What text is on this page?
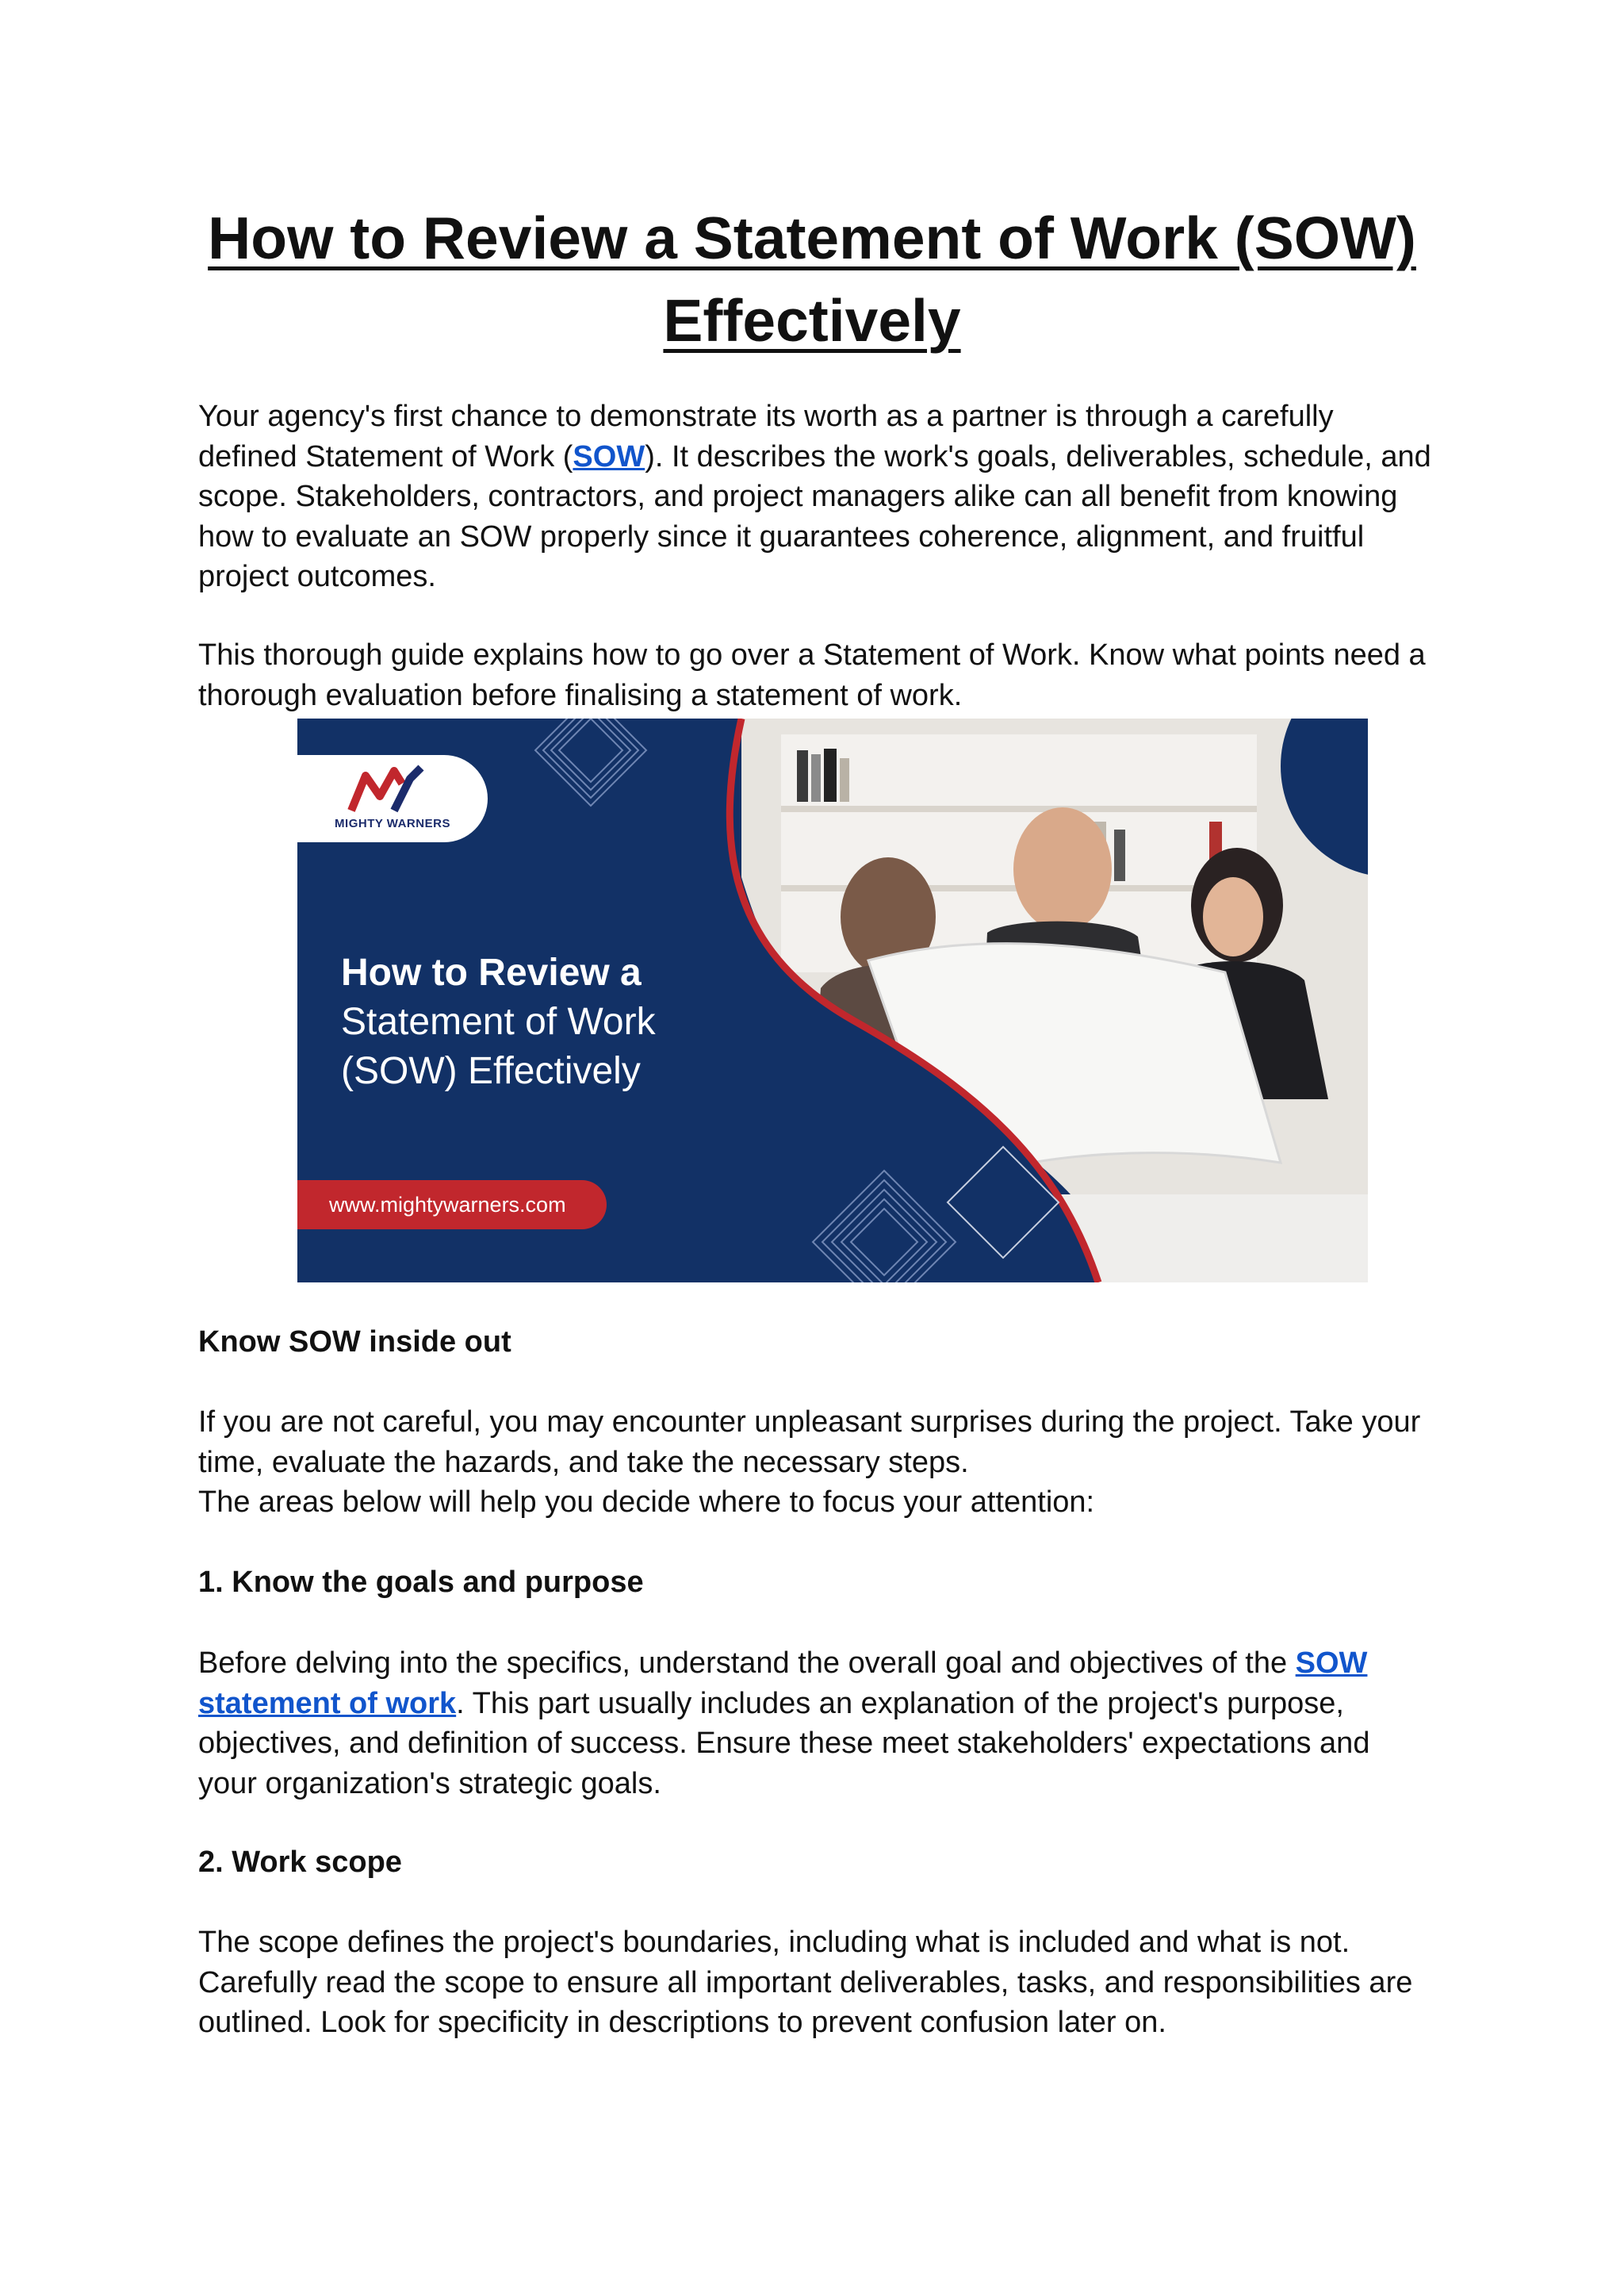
How to Review a Statement of Work (SOW)
Effectively

Your agency's first chance to demonstrate its worth as a partner is through a carefully defined Statement of Work (SOW). It describes the work's goals, deliverables, schedule, and scope. Stakeholders, contractors, and project managers alike can all benefit from knowing how to evaluate an SOW properly since it guarantees coherence, alignment, and fruitful project outcomes.

This thorough guide explains how to go over a Statement of Work. Know what points need a thorough evaluation before finalising a statement of work.

MIGHTY WARNERS
How to Review a
Statement of Work
(SOW) Effectively
www.mightywarners.com
Know SOW inside out

If you are not careful, you may encounter unpleasant surprises during the project. Take your time, evaluate the hazards, and take the necessary steps.

The areas below will help you decide where to focus your attention:

1. Know the goals and purpose

Before delving into the specifics, understand the overall goal and objectives of the SOW statement of work. This part usually includes an explanation of the project's purpose, objectives, and definition of success. Ensure these meet stakeholders' expectations and your organization's strategic goals.

2. Work scope

The scope defines the project's boundaries, including what is included and what is not. Carefully read the scope to ensure all important deliverables, tasks, and responsibilities are outlined. Look for specificity in descriptions to prevent confusion later on.
